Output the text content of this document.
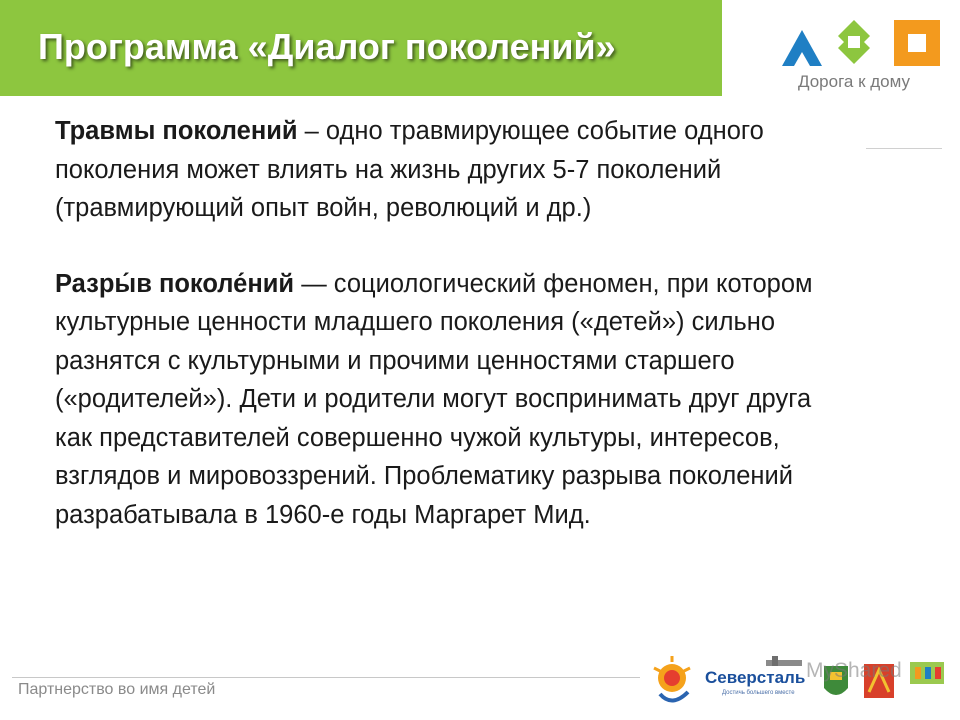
Программа «Диалог поколений»
Дорога к дому

Травмы поколений – одно травмирующее событие одного поколения может влиять на жизнь других 5-7 поколений (травмирующий опыт войн, революций и др.)

Разры́в поколе́ний — социологический феномен, при котором культурные ценности младшего поколения («детей») сильно разнятся с культурными и прочими ценностями старшего («родителей»). Дети и родители могут воспринимать друг друга как представителей совершенно чужой культуры, интересов, взглядов и мировоззрений. Проблематику разрыва поколений разрабатывала в 1960-е годы Маргарет Мид.

Партнерство во имя детей
Северсталь
Достичь большего вместе
MyShared
